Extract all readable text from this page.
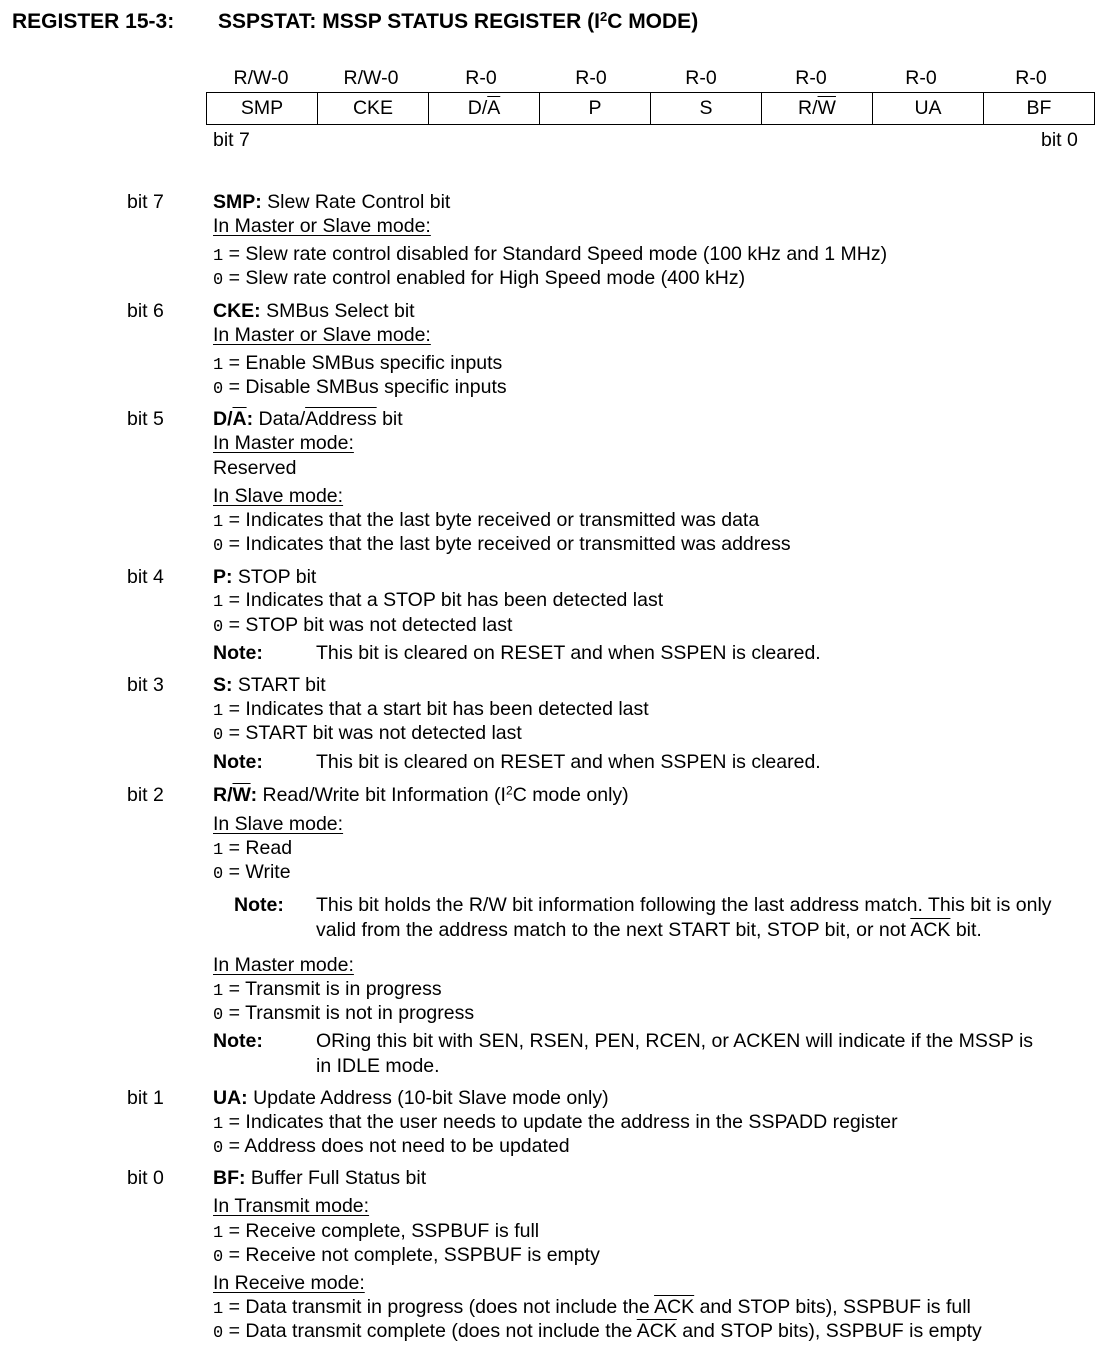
REGISTER 15-3: SSPSTAT: MSSP STATUS REGISTER ($I^2C$ MODE)
R/W-0	R/W-0	R-0	R-0	R-0	R-0	R-0	R-0
SMP	CKE	$D/\overline{A}$	P	S	$R/\overline{W}$	UA	BF
bit 7	bit 0
bit 7	SMP: Slew Rate Control bit
In Master or Slave mode:
1 = Slew rate control disabled for Standard Speed mode (100 kHz and 1 MHz)
0 = Slew rate control enabled for High Speed mode (400 kHz)
bit 6	CKE: SMBus Select bit
In Master or Slave mode:
1 = Enable SMBus specific inputs
0 = Disable SMBus specific inputs
bit 5	$D/\overline{A}$: Data/Address bit
In Master mode:
Reserved
In Slave mode:
1 = Indicates that the last byte received or transmitted was data
0 = Indicates that the last byte received or transmitted was address
bit 4	P: STOP bit
1 = Indicates that a STOP bit has been detected last
0 = STOP bit was not detected last
Note:	This bit is cleared on RESET and when SSPEN is cleared.
bit 3	S: START bit
1 = Indicates that a start bit has been detected last
0 = START bit was not detected last
Note:	This bit is cleared on RESET and when SSPEN is cleared.
bit 2	$R/\overline{W}$: Read/Write bit Information ($I^2C$ mode only)
In Slave mode:
1 = Read
0 = Write
Note: This bit holds the R/W bit information following the last address match. This bit is only
valid from the address match to the next START bit, STOP bit, or not $\overline{ACK}$ bit.
In Master mode:
1 = Transmit is in progress
0 = Transmit is not in progress
Note:	ORing this bit with SEN, RSEN, PEN, RCEN, or ACKEN will indicate if the MSSP is
in IDLE mode.
bit 1	UA: Update Address (10-bit Slave mode only)
1 = Indicates that the user needs to update the address in the SSPADD register
0 = Address does not need to be updated
bit 0	BF: Buffer Full Status bit
In Transmit mode:
1 = Receive complete, SSPBUF is full
0 = Receive not complete, SSPBUF is empty
In Receive mode:
1 = Data transmit in progress (does not include the $\overline{ACK}$ and STOP bits), SSPBUF is full
0 = Data transmit complete (does not include the $\overline{ACK}$ and STOP bits), SSPBUF is empty
